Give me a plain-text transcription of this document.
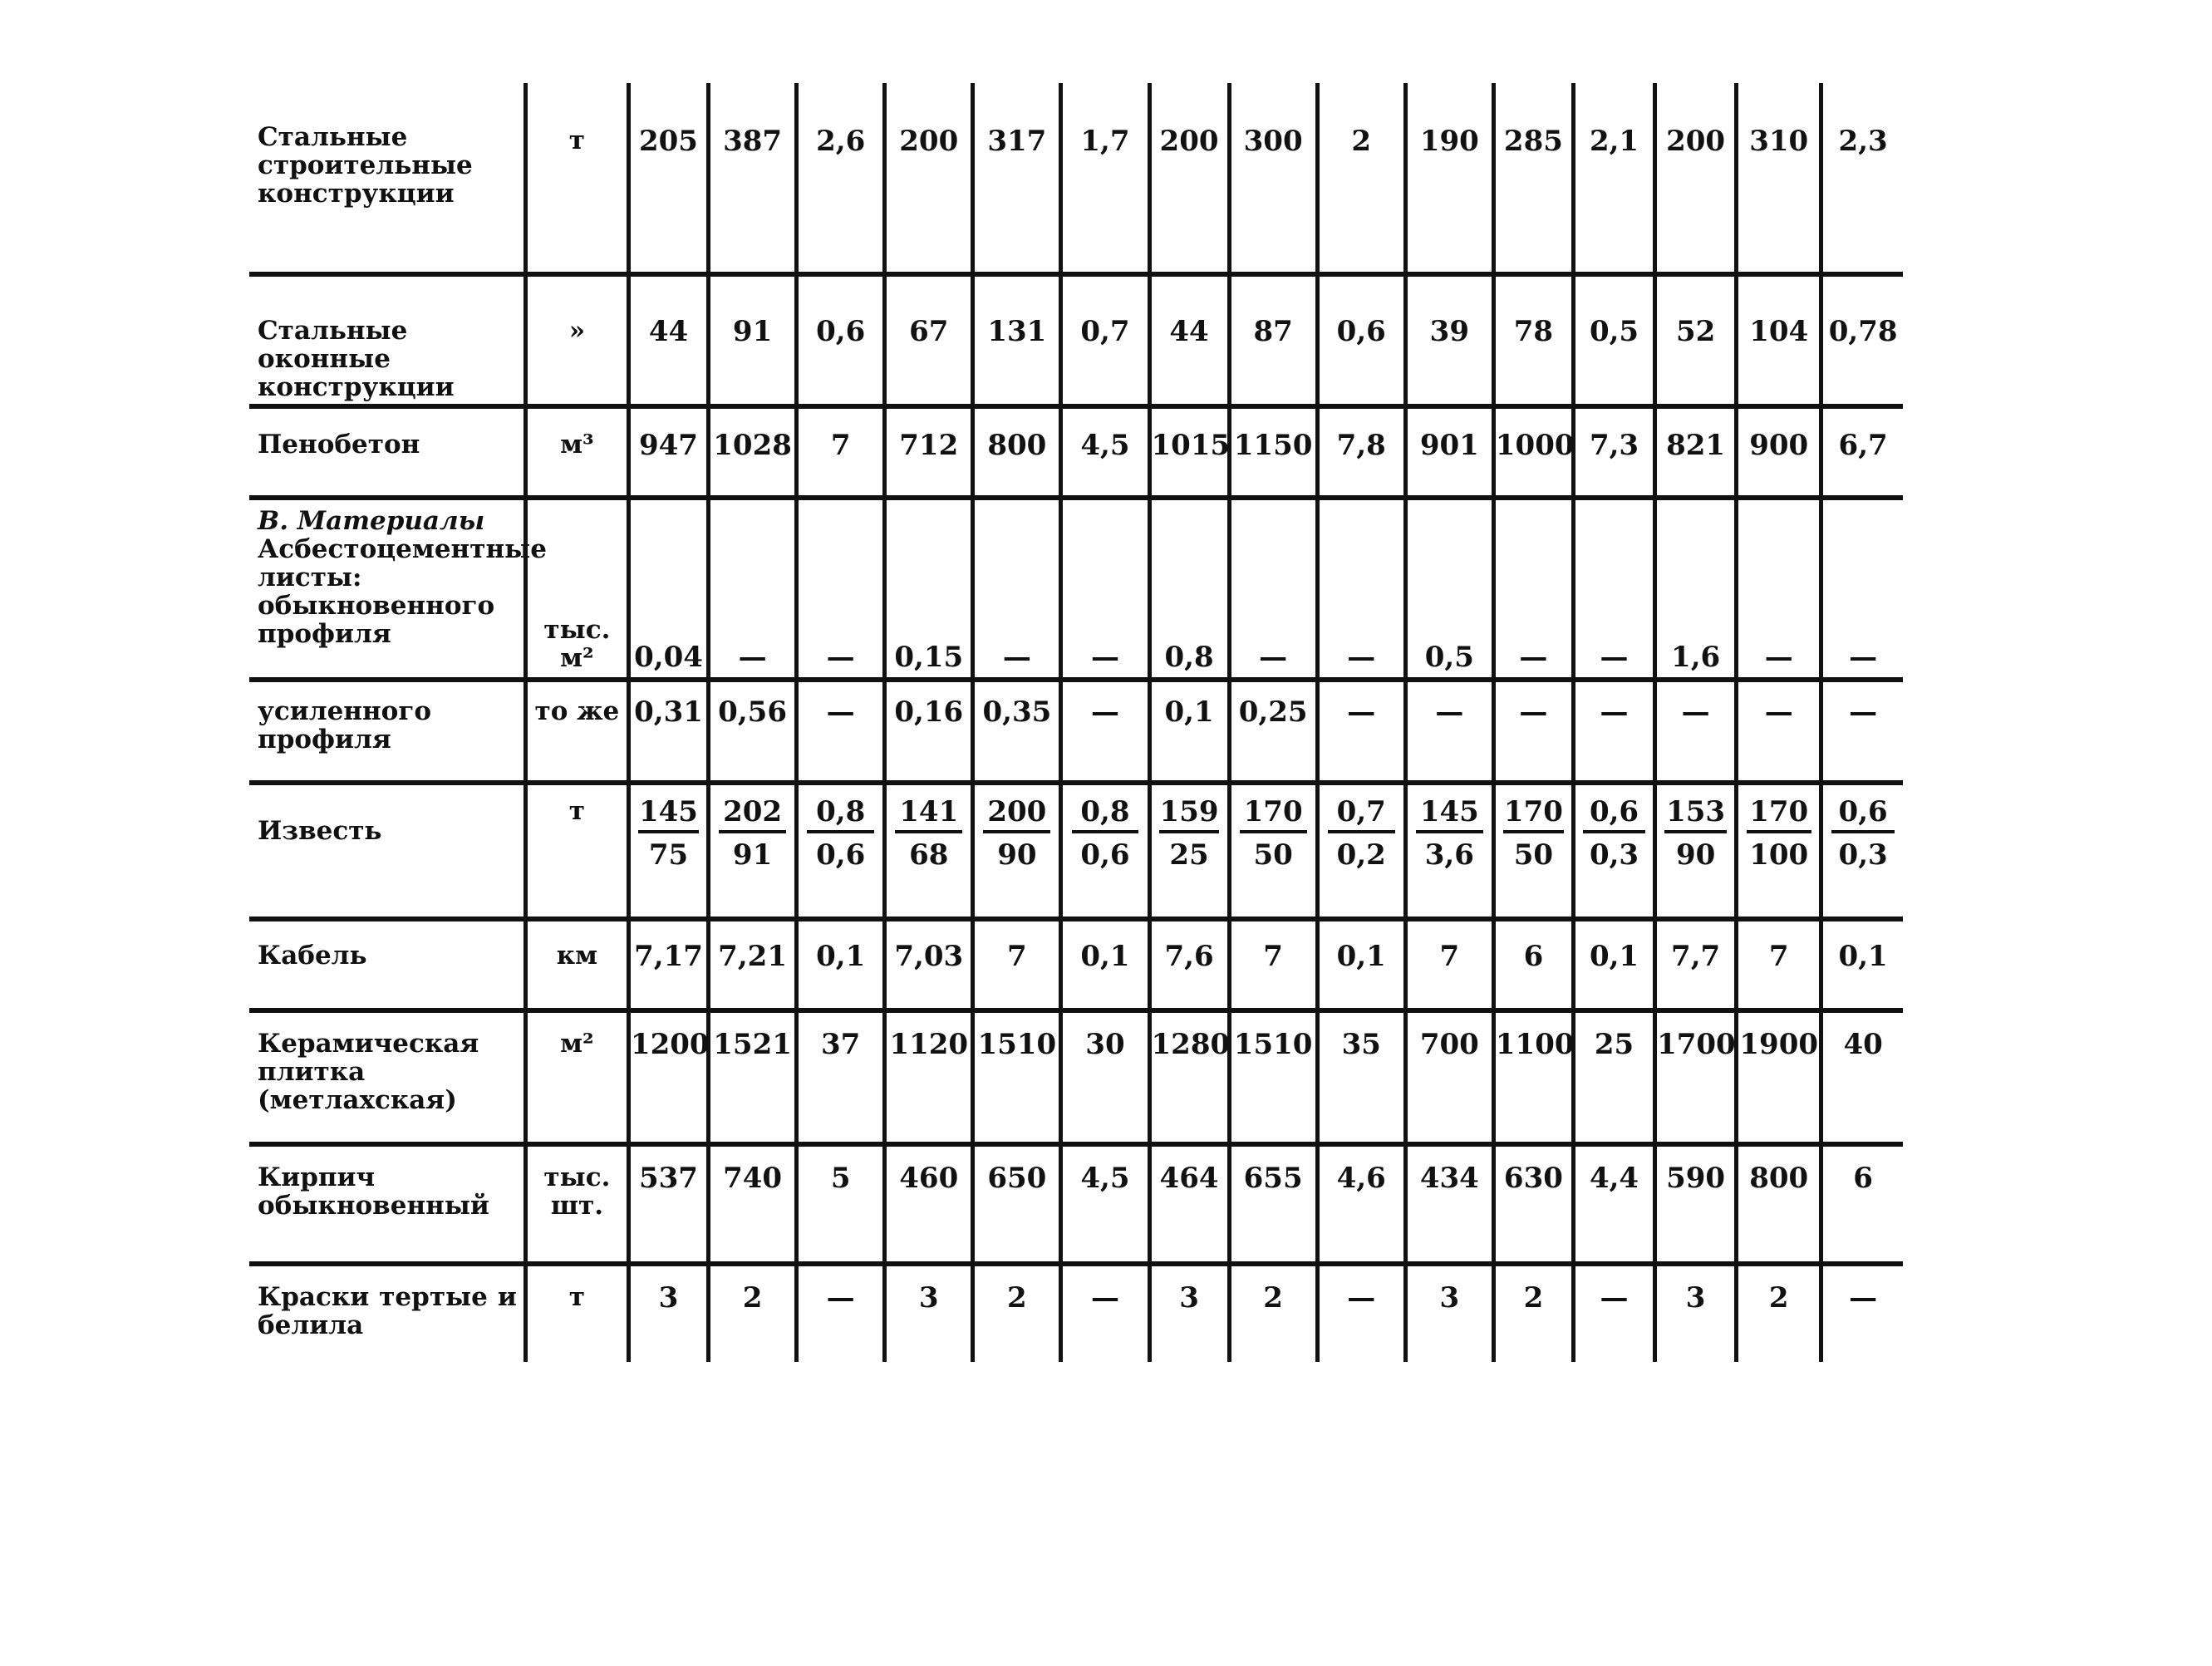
Стальные строительные конструкции	т	205	387	2,6	200	317	1,7	200	300	2	190	285	2,1	200	310	2,3
Стальные оконные конструкции	»	44	91	0,6	67	131	0,7	44	87	0,6	39	78	0,5	52	104	0,78
Пенобетон	м³	947	1028	7	712	800	4,5	1015	1150	7,8	901	1000	7,3	821	900	6,7

В. Материалы
Асбестоцементные листы: обыкновенного профиля	тыс. м²	0,04	—	—	0,15	—	—	0,8	—	—	0,5	—	—	1,6	—	—
усиленного профиля	то же	0,31	0,56	—	0,16	0,35	—	0,1	0,25	—	—	—	—	—	—	—
Известь	т	$\frac{145}{75}$	$\frac{202}{91}$	$\frac{0,8}{0,6}$	$\frac{141}{68}$	$\frac{200}{90}$	$\frac{0,8}{0,6}$	$\frac{159}{25}$	$\frac{170}{50}$	$\frac{0,7}{0,2}$	$\frac{145}{3,6}$	$\frac{170}{50}$	$\frac{0,6}{0,3}$	$\frac{153}{90}$	$\frac{170}{100}$	$\frac{0,6}{0,3}$

Кабель	км	7,17	7,21	0,1	7,03	7	0,1	7,6	7	0,1	7	6	0,1	7,7	7	0,1
Керамическая плитка (метлахская)	м²	1200	1521	37	1120	1510	30	1280	1510	35	700	1100	25	1700	1900	40
Кирпич обыкновенный	тыс. шт.	537	740	5	460	650	4,5	464	655	4,6	434	630	4,4	590	800	6
Краски тертые и белила	т	3	2	—	3	2	—	3	2	—	3	2	—	3	2	—
